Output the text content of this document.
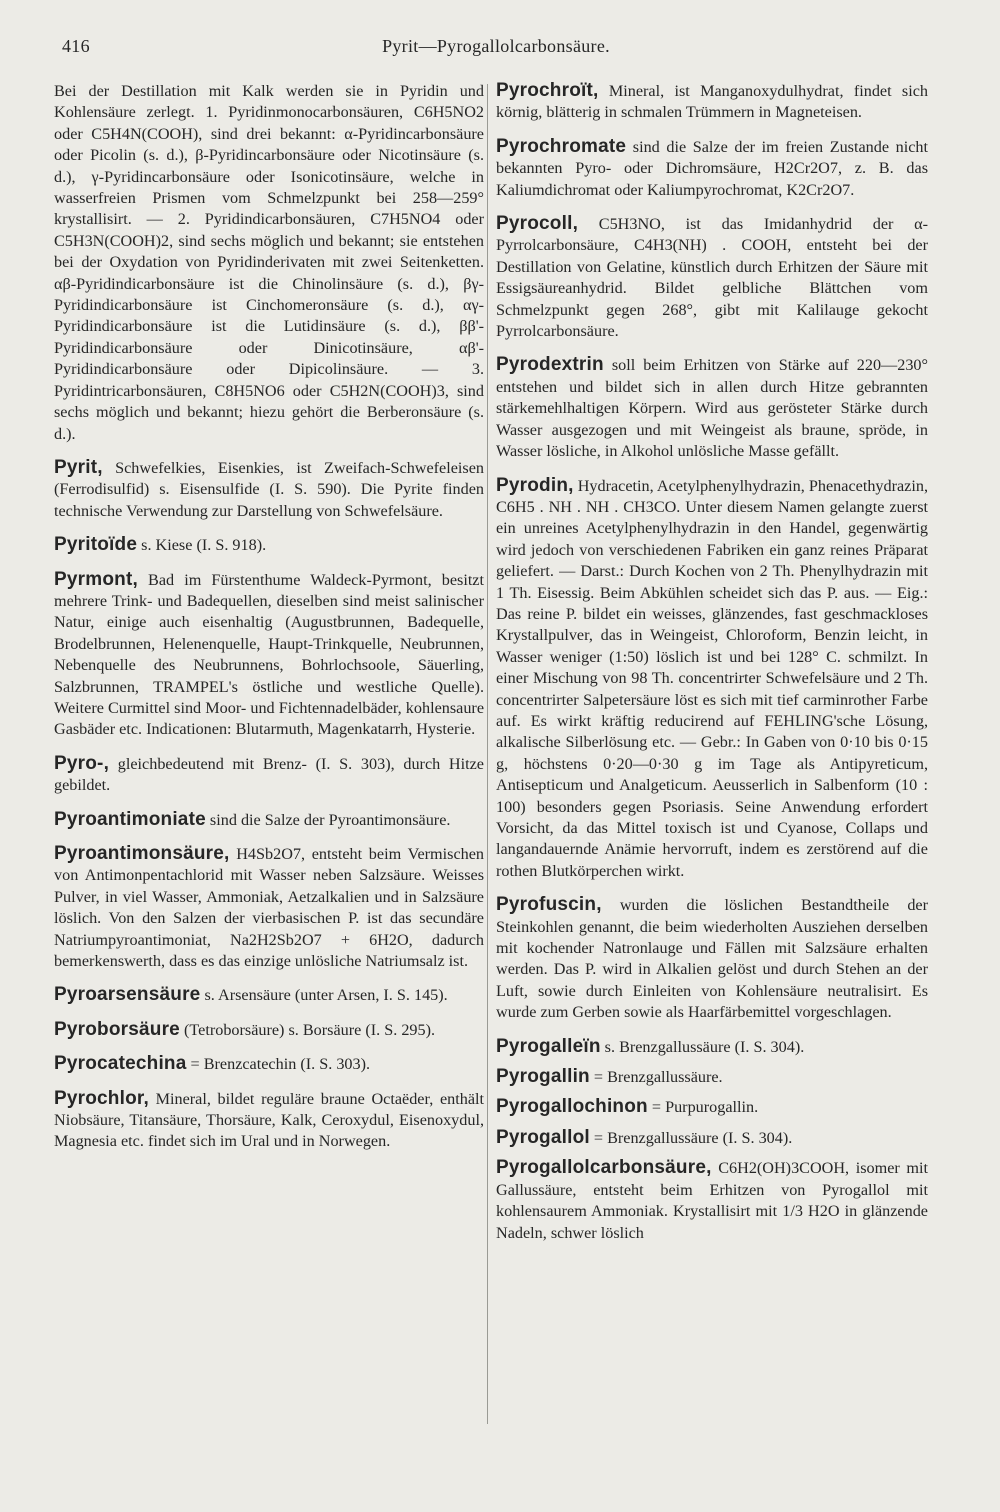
416	Pyrit—Pyrogallolcarbonsäure.

Bei der Destillation mit Kalk werden sie in Pyridin und Kohlensäure zerlegt. 1. Pyridinmonocarbonsäuren, C6H5NO2 oder C5H4N(COOH), sind drei bekannt: α-Pyridincarbonsäure oder Picolin (s. d.), β-Pyridincarbonsäure oder Nicotinsäure (s. d.), γ-Pyridincarbonsäure oder Isonicotinsäure, welche in wasserfreien Prismen vom Schmelzpunkt bei 258—259° krystallisirt. — 2. Pyridindicarbonsäuren, C7H5NO4 oder C5H3N(COOH)2, sind sechs möglich und bekannt; sie entstehen bei der Oxydation von Pyridinderivaten mit zwei Seitenketten. αβ-Pyridindicarbonsäure ist die Chinolinsäure (s. d.), βγ-Pyridindicarbonsäure ist Cinchomeronsäure (s. d.), αγ-Pyridindicarbonsäure ist die Lutidinsäure (s. d.), ββ'-Pyridindicarbonsäure oder Dinicotinsäure, αβ'-Pyridindicarbonsäure oder Dipicolinsäure. — 3. Pyridintricarbonsäuren, C8H5NO6 oder C5H2N(COOH)3, sind sechs möglich und bekannt; hiezu gehört die Berberonsäure (s. d.).

Pyrit, Schwefelkies, Eisenkies, ist Zweifach-Schwefeleisen (Ferrodisulfid) s. Eisensulfide (I. S. 590). Die Pyrite finden technische Verwendung zur Darstellung von Schwefelsäure.

Pyritoïde s. Kiese (I. S. 918).

Pyrmont, Bad im Fürstenthume Waldeck-Pyrmont, besitzt mehrere Trink- und Badequellen, dieselben sind meist salinischer Natur, einige auch eisenhaltig (Augustbrunnen, Badequelle, Brodelbrunnen, Helenenquelle, Haupt-Trinkquelle, Neubrunnen, Nebenquelle des Neubrunnens, Bohrlochsoole, Säuerling, Salzbrunnen, TRAMPEL's östliche und westliche Quelle). Weitere Curmittel sind Moor- und Fichtennadelbäder, kohlensaure Gasbäder etc. Indicationen: Blutarmuth, Magenkatarrh, Hysterie.

Pyro-, gleichbedeutend mit Brenz- (I. S. 303), durch Hitze gebildet.

Pyroantimoniate sind die Salze der Pyroantimonsäure.

Pyroantimonsäure, H4Sb2O7, entsteht beim Vermischen von Antimonpentachlorid mit Wasser neben Salzsäure. Weisses Pulver, in viel Wasser, Ammoniak, Aetzalkalien und in Salzsäure löslich. Von den Salzen der vierbasischen P. ist das secundäre Natriumpyroantimoniat, Na2H2Sb2O7 + 6H2O, dadurch bemerkenswerth, dass es das einzige unlösliche Natriumsalz ist.

Pyroarsensäure s. Arsensäure (unter Arsen, I. S. 145).

Pyroborsäure (Tetroborsäure) s. Borsäure (I. S. 295).

Pyrocatechina = Brenzcatechin (I. S. 303).

Pyrochlor, Mineral, bildet reguläre braune Octaëder, enthält Niobsäure, Titansäure, Thorsäure, Kalk, Ceroxydul, Eisenoxydul, Magnesia etc. findet sich im Ural und in Norwegen.

Pyrochroït, Mineral, ist Manganoxydulhydrat, findet sich körnig, blätterig in schmalen Trümmern in Magneteisen.

Pyrochromate sind die Salze der im freien Zustande nicht bekannten Pyro- oder Dichromsäure, H2Cr2O7, z. B. das Kaliumdichromat oder Kaliumpyrochromat, K2Cr2O7.

Pyrocoll, C5H3NO, ist das Imidanhydrid der α-Pyrrolcarbonsäure, C4H3(NH) . COOH, entsteht bei der Destillation von Gelatine, künstlich durch Erhitzen der Säure mit Essigsäureanhydrid. Bildet gelbliche Blättchen vom Schmelzpunkt gegen 268°, gibt mit Kalilauge gekocht Pyrrolcarbonsäure.

Pyrodextrin soll beim Erhitzen von Stärke auf 220—230° entstehen und bildet sich in allen durch Hitze gebrannten stärkemehlhaltigen Körpern. Wird aus gerösteter Stärke durch Wasser ausgezogen und mit Weingeist als braune, spröde, in Wasser lösliche, in Alkohol unlösliche Masse gefällt.

Pyrodin, Hydracetin, Acetylphenylhydrazin, Phenacethydrazin, C6H5 . NH . NH . CH3CO. Unter diesem Namen gelangte zuerst ein unreines Acetylphenylhydrazin in den Handel, gegenwärtig wird jedoch von verschiedenen Fabriken ein ganz reines Präparat geliefert. — Darst.: Durch Kochen von 2 Th. Phenylhydrazin mit 1 Th. Eisessig. Beim Abkühlen scheidet sich das P. aus. — Eig.: Das reine P. bildet ein weisses, glänzendes, fast geschmackloses Krystallpulver, das in Weingeist, Chloroform, Benzin leicht, in Wasser weniger (1:50) löslich ist und bei 128° C. schmilzt. In einer Mischung von 98 Th. concentrirter Schwefelsäure und 2 Th. concentrirter Salpetersäure löst es sich mit tief carminrother Farbe auf. Es wirkt kräftig reducirend auf FEHLING'sche Lösung, alkalische Silberlösung etc. — Gebr.: In Gaben von 0·10 bis 0·15 g, höchstens 0·20—0·30 g im Tage als Antipyreticum, Antisepticum und Analgeticum. Aeusserlich in Salbenform (10 : 100) besonders gegen Psoriasis. Seine Anwendung erfordert Vorsicht, da das Mittel toxisch ist und Cyanose, Collaps und langandauernde Anämie hervorruft, indem es zerstörend auf die rothen Blutkörperchen wirkt.

Pyrofuscin, wurden die löslichen Bestandtheile der Steinkohlen genannt, die beim wiederholten Ausziehen derselben mit kochender Natronlauge und Fällen mit Salzsäure erhalten werden. Das P. wird in Alkalien gelöst und durch Stehen an der Luft, sowie durch Einleiten von Kohlensäure neutralisirt. Es wurde zum Gerben sowie als Haarfärbemittel vorgeschlagen.

Pyrogalleïn s. Brenzgallussäure (I. S. 304).

Pyrogallin = Brenzgallussäure.

Pyrogallochinon = Purpurogallin.

Pyrogallol = Brenzgallussäure (I. S. 304).

Pyrogallolcarbonsäure, C6H2(OH)3COOH, isomer mit Gallussäure, entsteht beim Erhitzen von Pyrogallol mit kohlensaurem Ammoniak. Krystallisirt mit 1/3 H2O in glänzende Nadeln, schwer löslich
